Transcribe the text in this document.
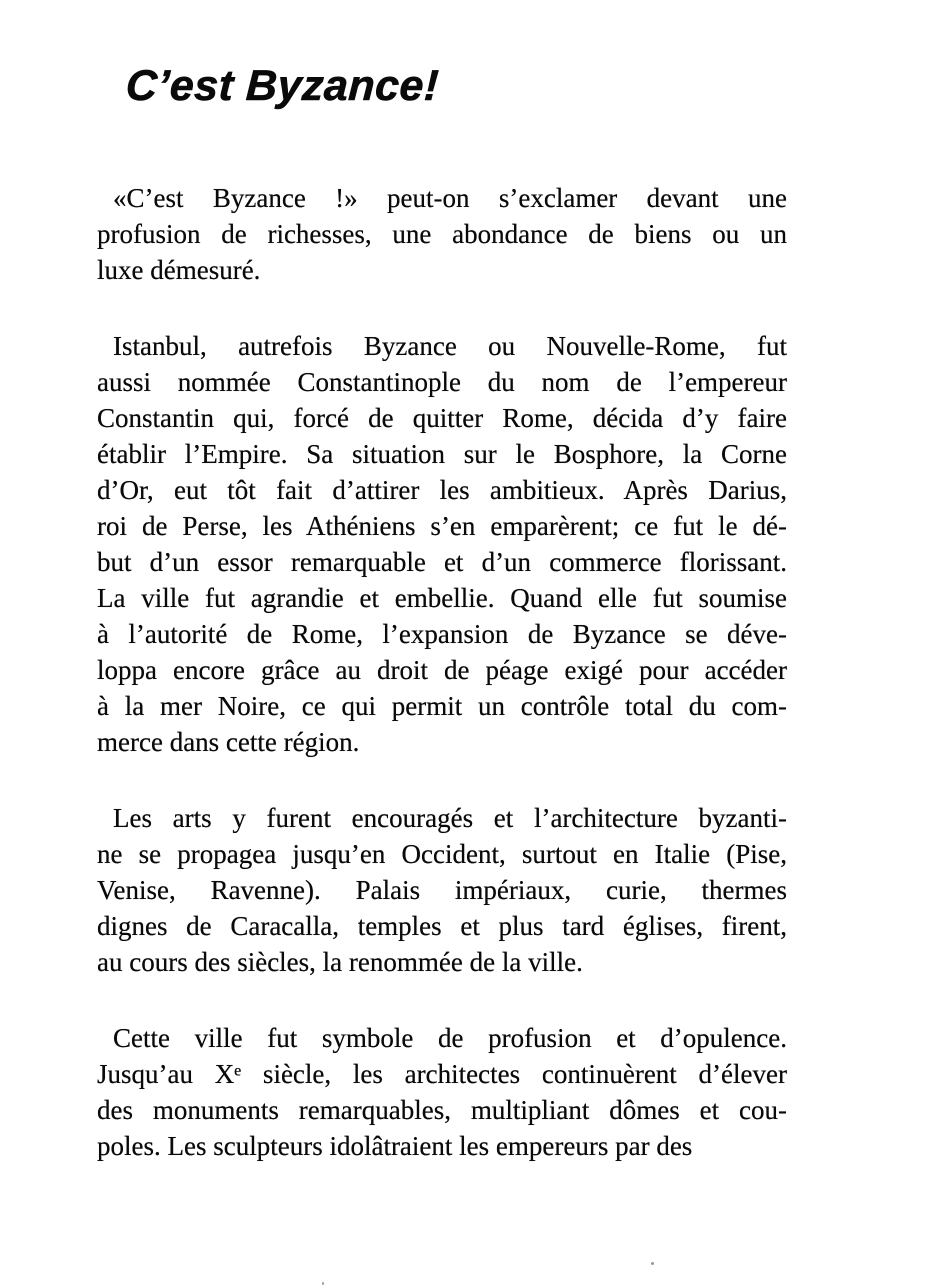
C’est Byzance!

«C’est Byzance !» peut-on s’exclamer devant une
profusion de richesses, une abondance de biens ou un
luxe démesuré.

Istanbul, autrefois Byzance ou Nouvelle-Rome, fut
aussi nommée Constantinople du nom de l’empereur
Constantin qui, forcé de quitter Rome, décida d’y faire
établir l’Empire. Sa situation sur le Bosphore, la Corne
d’Or, eut tôt fait d’attirer les ambitieux. Après Darius,
roi de Perse, les Athéniens s’en emparèrent; ce fut le dé-
but d’un essor remarquable et d’un commerce florissant.
La ville fut agrandie et embellie. Quand elle fut soumise
à l’autorité de Rome, l’expansion de Byzance se déve-
loppa encore grâce au droit de péage exigé pour accéder
à la mer Noire, ce qui permit un contrôle total du com-
merce dans cette région.

Les arts y furent encouragés et l’architecture byzanti-
ne se propagea jusqu’en Occident, surtout en Italie (Pise,
Venise, Ravenne). Palais impériaux, curie, thermes
dignes de Caracalla, temples et plus tard églises, firent,
au cours des siècles, la renommée de la ville.

Cette ville fut symbole de profusion et d’opulence.
Jusqu’au Xᵉ siècle, les architectes continuèrent d’élever
des monuments remarquables, multipliant dômes et cou-
poles. Les sculpteurs idolâtraient les empereurs par des
